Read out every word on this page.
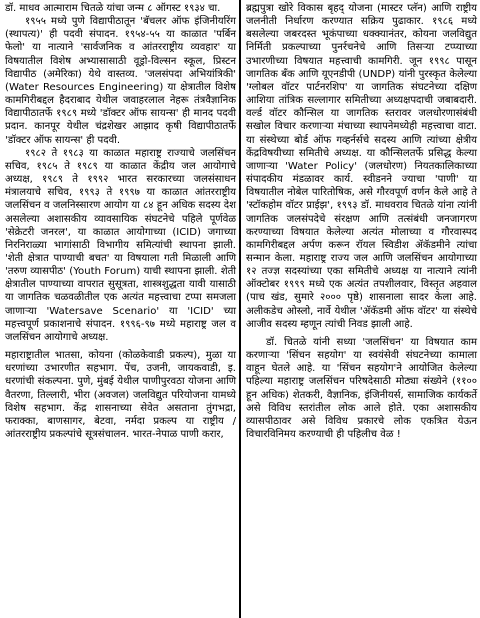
डॉ. माधव आत्माराम चितळे यांचा जन्म ८ ऑगस्ट १९३४ चा.

१९५५ मध्ये पुणे विद्यापीठातून 'बॅचलर ऑफ इंजिनीयरिंग (स्थापत्य)' ही पदवी संपादन. १९५४-५५ या काळात 'पर्बिन फेलो' या नात्याने 'सार्वजनिक व आंतरराष्ट्रीय व्यवहार' या विषयातील विशेष अभ्यासासाठी वूड्रो-विल्सन स्कूल, प्रिस्टन विद्यापीठ (अमेरिका) येथे वास्तव्य. 'जलसंपदा अभियांत्रिकी' (Water Resources Engineering) या क्षेत्रातील विशेष कामगिरीबद्दल हैदराबाद येथील जवाहरलाल नेहरू तंत्रवैज्ञानिक विद्यापीठातर्फे १९८९ मध्ये 'डॉक्टर ऑफ सायन्स' ही मानद पदवी प्रदान. कानपूर येथील चंद्रशेखर आझाद कृषी विद्यापीठातर्फे 'डॉक्टर ऑफ सायन्स' ही पदवी.

१९८२ ते १९८३ या काळात महाराष्ट्र राज्याचे जलसिंचन सचिव, १९८५ ते १९८९ या काळात केंद्रीय जल आयोगाचे अध्यक्ष, १९८९ ते १९९२ भारत सरकारच्या जलसंसाधन मंत्रालयाचे सचिव, १९९३ ते १९९७ या काळात आंतरराष्ट्रीय जलसिंचन व जलनिस्सारण आयोग या ८४ हून अधिक सदस्य देश असलेल्या अशासकीय व्यावसायिक संघटनेचे पहिले पूर्णवेळ 'सेक्रेटरी जनरल', या काळात आयोगाच्या (ICID) जगाच्या निरनिराळ्या भागांसाठी विभागीय समित्यांची स्थापना झाली. 'शेती क्षेत्रात पाण्याची बचत' या विषयाला गती मिळाली आणि 'तरुण व्यासपीठ' (Youth Forum) याची स्थापना झाली. शेती क्षेत्रातील पाण्याच्या वापरात सुसूत्रता, शास्त्रशुद्धता यावी यासाठी या जागतिक चळवळीतील एक अत्यंत महत्त्वाचा टप्पा समजला जाणाऱ्या 'Watersave Scenario' या 'ICID' च्या महत्त्वपूर्ण प्रकाशनाचे संपादन. १९९६-९७ मध्ये महाराष्ट्र जल व जलसिंचन आयोगाचे अध्यक्ष.

महाराष्ट्रातील भातसा, कोयना (कोळकेवाडी प्रकल्प), मुळा या धरणांच्या उभारणीत सहभाग. पेंच, उजनी, जायकवाडी, इ. धरणांची संकल्पना. पुणे, मुंबई येथील पाणीपुरवठा योजना आणि वैतरणा, तिल्लारी, भीरा (अवजल) जलविद्युत परियोजना यामध्ये विशेष सहभाग. केंद्र शासनाच्या सेवेत असताना तुंगभद्रा, फराक्का, बाणसागर, बेटवा, नर्मदा प्रकल्प या राष्ट्रीय / आंतरराष्ट्रीय प्रकल्पांचे सूत्रसंचालन. भारत-नेपाळ पाणी करार,

ब्रह्मपुत्रा खोरे विकास बृहद् योजना (मास्टर प्लॅन) आणि राष्ट्रीय जलनीती निर्धारण करण्यात सक्रिय पुढाकार. १९८६ मध्ये बसलेल्या जबरदस्त भूकंपाच्या धक्क्यानंतर, कोयना जलविद्युत निर्मिती प्रकल्पाच्या पुनर्रचनेचे आणि तिसऱ्या टप्प्याच्या उभारणीच्या विषयात महत्त्वाची कामगिरी. जून १९९८ पासून जागतिक बँक आणि यूएनडीपी (UNDP) यांनी पुरस्कृत केलेल्या 'ग्लोबल वॉटर पार्टनरशिप' या जागतिक संघटनेच्या दक्षिण आशिया तांत्रिक सल्लागार समितीच्या अध्यक्षपदाची जबाबदारी. वर्ल्ड वॉटर कौन्सिल या जागतिक स्तरावर जलधोरणासंबंधी सखोल विचार करणाऱ्या मंचाच्या स्थापनेमध्येही महत्त्वाचा वाटा. या संस्थेच्या बोर्ड ऑफ गव्हर्नर्सचे सदस्य आणि त्यांच्या क्षेत्रीय केंद्रविषयीच्या समितीचे अध्यक्ष. या कौन्सिलतर्फे प्रसिद्ध केल्या जाणाऱ्या 'Water Policy' (जलधोरण) नियतकालिकाच्या संपादकीय मंडळावर कार्य. स्वीडनने ज्याचा 'पाणी' या विषयातील नोबेल पारितोषिक, असे गौरवपूर्ण वर्णन केले आहे ते 'स्टॉकहोम वॉटर प्राईझ', १९९३ डॉ. माधवराव चितळे यांना त्यांनी जागतिक जलसंपदेचे संरक्षण आणि तत्संबंधी जनजागरण करण्याच्या विषयात केलेल्या अत्यंत मोलाच्या व गौरवास्पद कामगिरीबद्दल अर्पण करून रॉयल स्विडीश ॲकॅडमीने त्यांचा सन्मान केला. महाराष्ट्र राज्य जल आणि जलसिंचन आयोगाच्या १२ तज्ज्ञ सदस्यांच्या एका समितीचे अध्यक्ष या नात्याने त्यांनी ऑक्टोबर १९९९ मध्ये एक अत्यंत तपशीलवार, विस्तृत अहवाल (पाच खंड, सुमारे २००० पृष्ठे) शासनाला सादर केला आहे. अलीकडेच ओस्लो, नार्वे येथील 'ॲकॅडमी ऑफ वॉटर' या संस्थेचे आजीव सदस्य म्हणून त्यांची निवड झाली आहे.

डॉ. चितळे यांनी सध्या 'जलसिंचन' या विषयात काम करणाऱ्या 'सिंचन सहयोग' या स्वयंसेवी संघटनेच्या कामाला वाहून घेतले आहे. या 'सिंचन सहयोग'ने आयोजित केलेल्या पहिल्या महाराष्ट्र जलसिंचन परिषदेसाठी मोठ्या संख्येने (११०० हून अधिक) शेतकरी, वैज्ञानिक, इंजिनीयर्स, सामाजिक कार्यकर्ते असे विविध स्तरांतील लोक आले होते. एका अशासकीय व्यासपीठावर असे विविध प्रकारचे लोक एकत्रित येऊन विचारविनिमय करण्याची ही पहिलीच वेळ !
